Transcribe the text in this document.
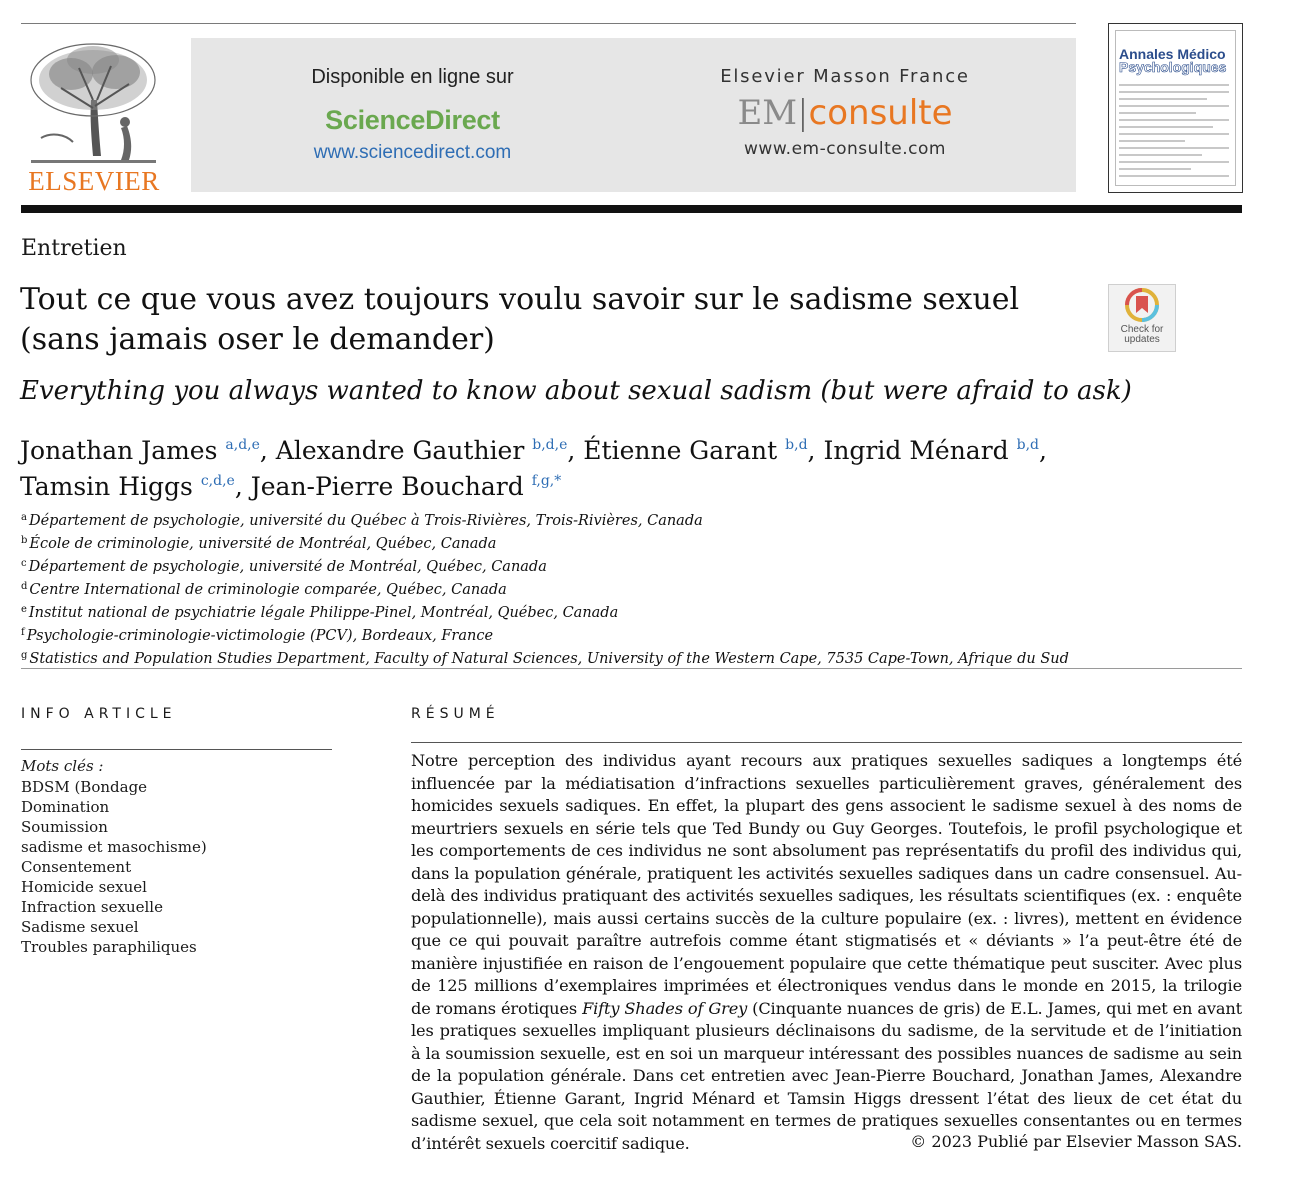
ELSEVIER
Disponible en ligne sur
ScienceDirect
www.sciencedirect.com
Elsevier Masson France
EM|consulte
www.em-consulte.com
Annales Médico
Psychologiques
Entretien
Tout ce que vous avez toujours voulu savoir sur le sadisme sexuel (sans jamais oser le demander)	Check for
updates
Everything you always wanted to know about sexual sadism (but were afraid to ask)
Jonathan James $^{a,d,e}$, Alexandre Gauthier $^{b,d,e}$, Étienne Garant $^{b,d}$, Ingrid Ménard $^{b,d}$,
Tamsin Higgs $^{c,d,e}$, Jean-Pierre Bouchard $^{f,g,*}$
$^a$ Département de psychologie, université du Québec à Trois-Rivières, Trois-Rivières, Canada
$^b$ École de criminologie, université de Montréal, Québec, Canada
$^c$ Département de psychologie, université de Montréal, Québec, Canada
$^d$ Centre International de criminologie comparée, Québec, Canada
$^e$ Institut national de psychiatrie légale Philippe-Pinel, Montréal, Québec, Canada
$^f$ Psychologie-criminologie-victimologie (PCV), Bordeaux, France
$^g$ Statistics and Population Studies Department, Faculty of Natural Sciences, University of the Western Cape, 7535 Cape-Town, Afrique du Sud
INFO ARTICLE
Mots clés :
BDSM (Bondage
Domination
Soumission
sadisme et masochisme)
Consentement
Homicide sexuel
Infraction sexuelle
Sadisme sexuel
Troubles paraphiliques
RÉSUMÉ
Notre perception des individus ayant recours aux pratiques sexuelles sadiques a longtemps été influencée par la médiatisation d’infractions sexuelles particulièrement graves, généralement des homicides sexuels sadiques. En effet, la plupart des gens associent le sadisme sexuel à des noms de meurtriers sexuels en série tels que Ted Bundy ou Guy Georges. Toutefois, le profil psychologique et les comportements de ces individus ne sont absolument pas représentatifs du profil des individus qui, dans la population générale, pratiquent les activités sexuelles sadiques dans un cadre consensuel. Au-delà des individus pratiquant des activités sexuelles sadiques, les résultats scientifiques (ex. : enquête populationnelle), mais aussi certains succès de la culture populaire (ex. : livres), mettent en évidence que ce qui pouvait paraître autrefois comme étant stigmatisés et « déviants » l’a peut-être été de manière injustifiée en raison de l’engouement populaire que cette thématique peut susciter. Avec plus de 125 millions d’exemplaires imprimées et électroniques vendus dans le monde en 2015, la trilogie de romans érotiques Fifty Shades of Grey (Cinquante nuances de gris) de E.L. James, qui met en avant les pratiques sexuelles impliquant plusieurs déclinaisons du sadisme, de la servitude et de l’initiation à la soumission sexuelle, est en soi un marqueur intéressant des possibles nuances de sadisme au sein de la population générale. Dans cet entretien avec Jean-Pierre Bouchard, Jonathan James, Alexandre Gauthier, Étienne Garant, Ingrid Ménard et Tamsin Higgs dressent l’état des lieux de cet état du sadisme sexuel, que cela soit notamment en termes de pratiques sexuelles consentantes ou en termes d’intérêt sexuels coercitif sadique.	© 2023 Publié par Elsevier Masson SAS.
